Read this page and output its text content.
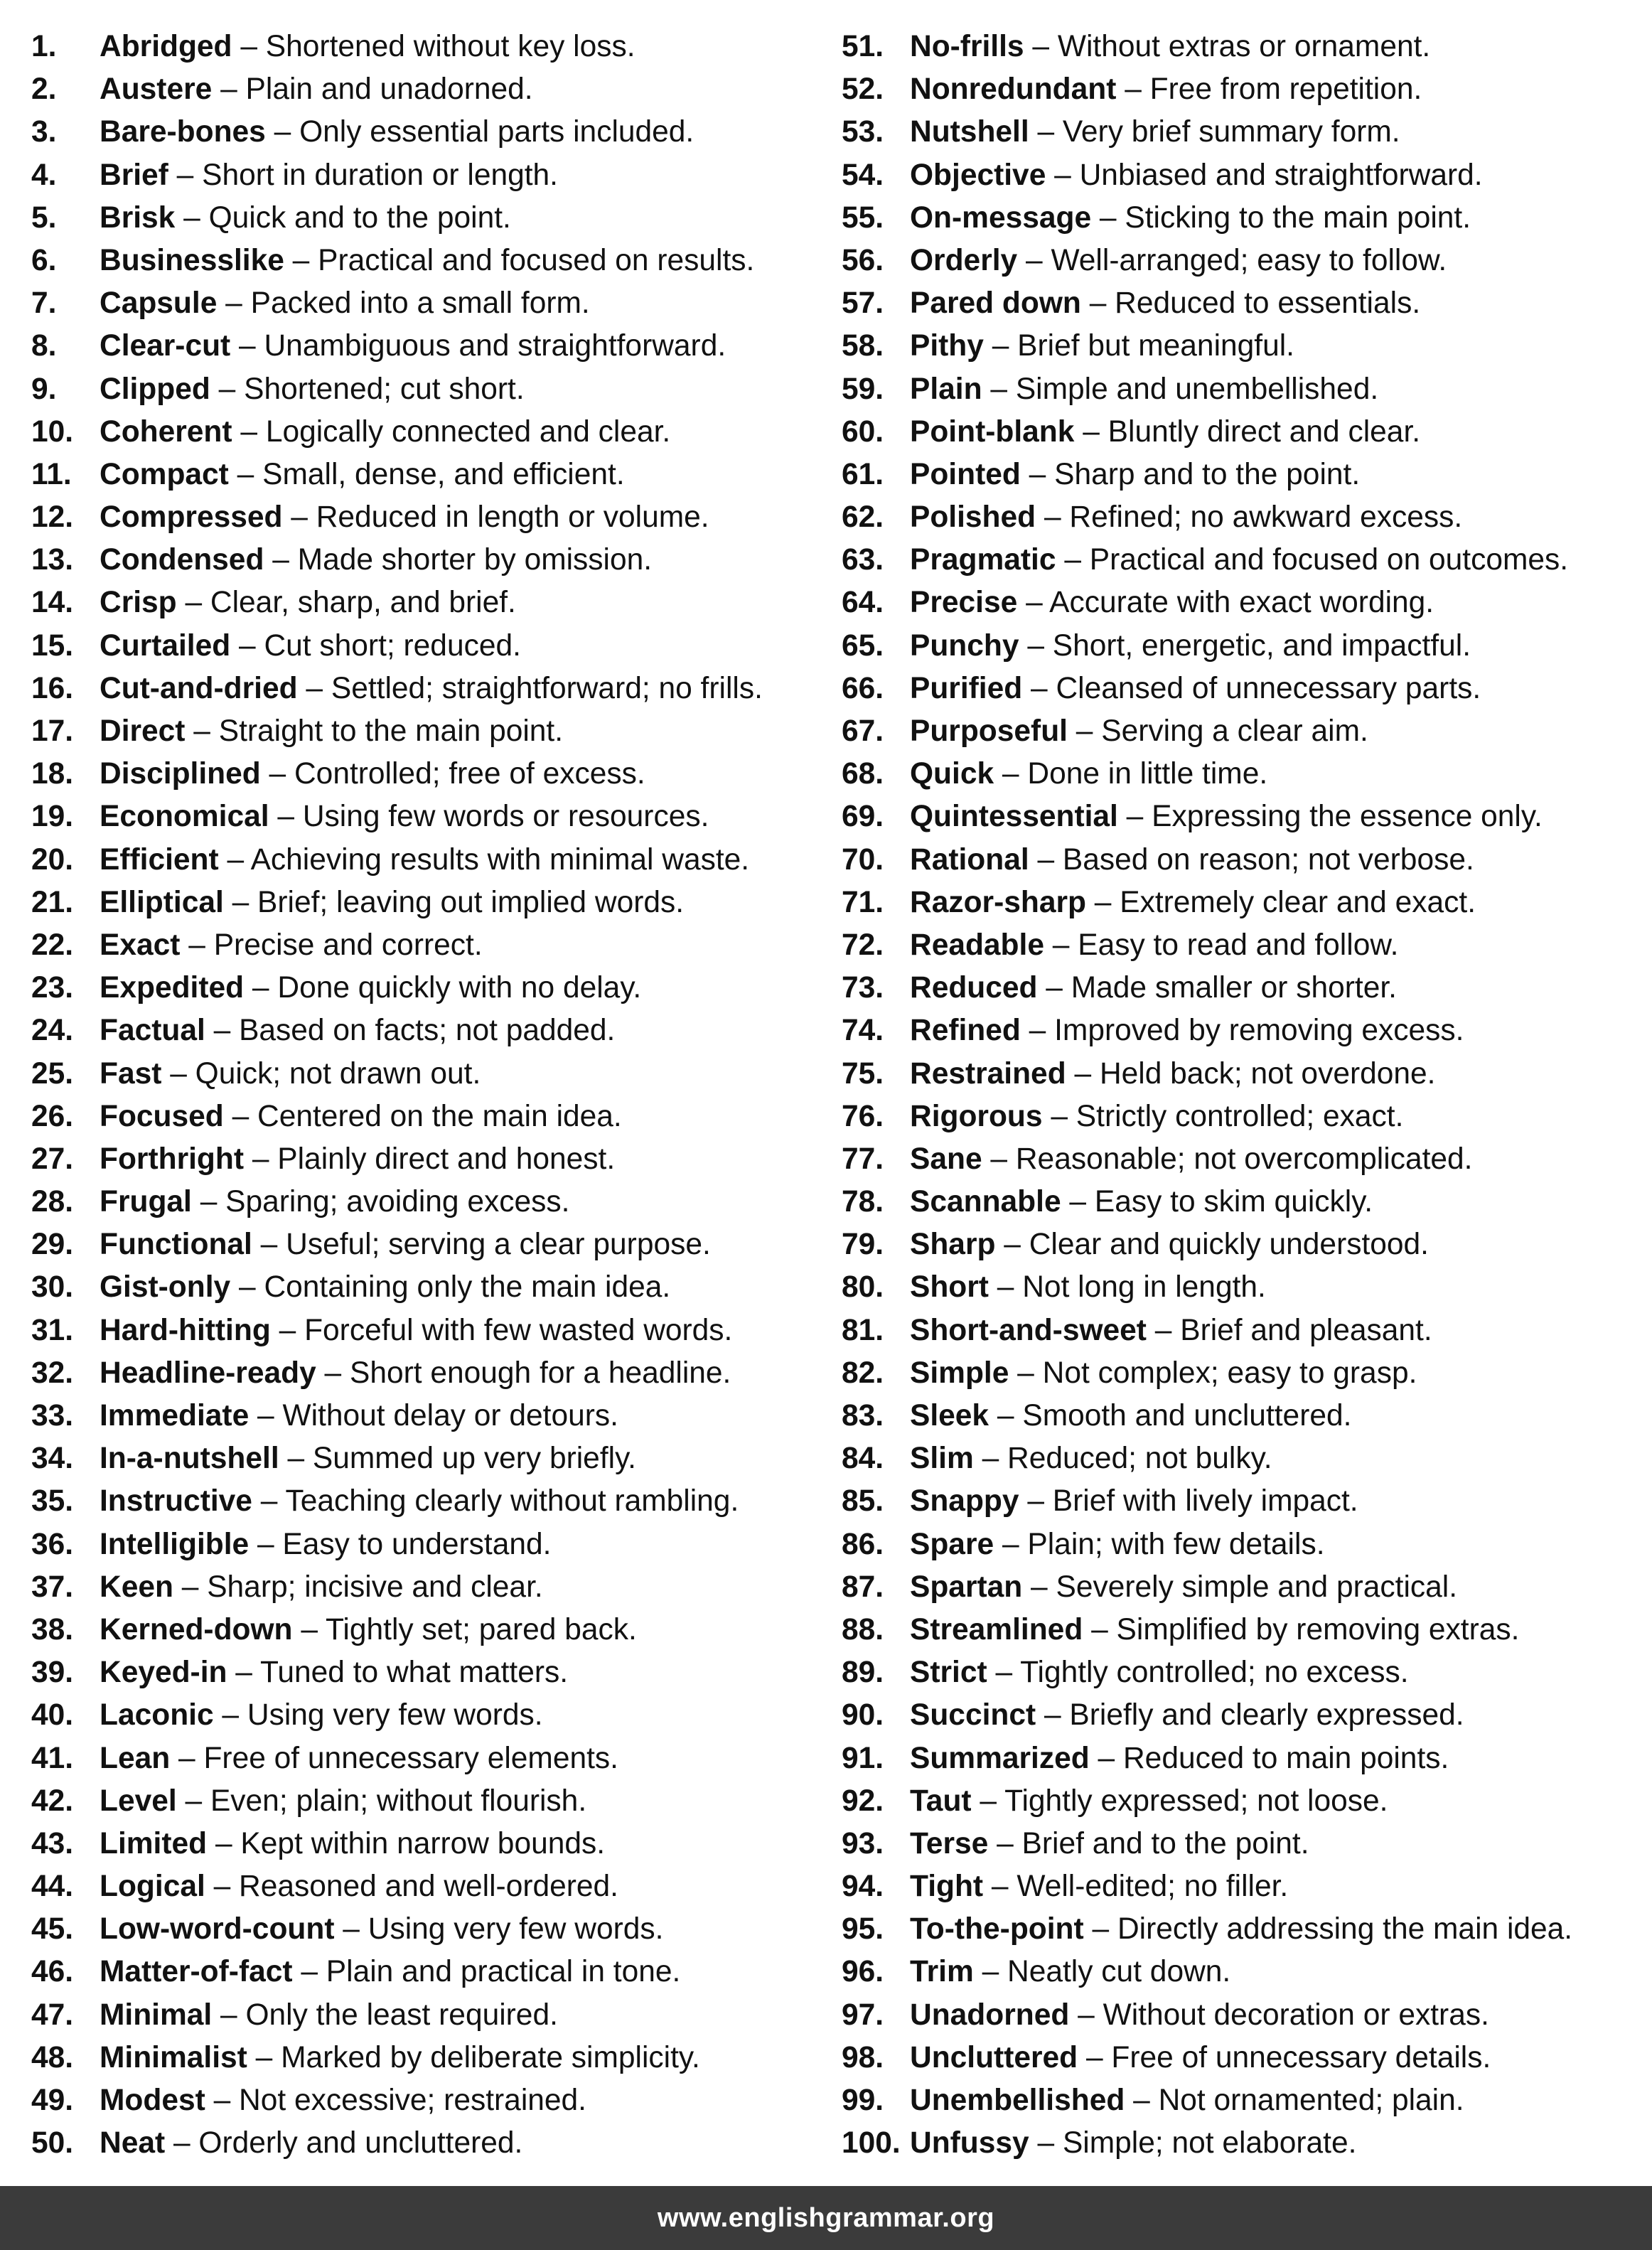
1. Abridged – Shortened without key loss.
2. Austere – Plain and unadorned.
3. Bare-bones – Only essential parts included.
4. Brief – Short in duration or length.
5. Brisk – Quick and to the point.
6. Businesslike – Practical and focused on results.
7. Capsule – Packed into a small form.
8. Clear-cut – Unambiguous and straightforward.
9. Clipped – Shortened; cut short.
10. Coherent – Logically connected and clear.
11. Compact – Small, dense, and efficient.
12. Compressed – Reduced in length or volume.
13. Condensed – Made shorter by omission.
14. Crisp – Clear, sharp, and brief.
15. Curtailed – Cut short; reduced.
16. Cut-and-dried – Settled; straightforward; no frills.
17. Direct – Straight to the main point.
18. Disciplined – Controlled; free of excess.
19. Economical – Using few words or resources.
20. Efficient – Achieving results with minimal waste.
21. Elliptical – Brief; leaving out implied words.
22. Exact – Precise and correct.
23. Expedited – Done quickly with no delay.
24. Factual – Based on facts; not padded.
25. Fast – Quick; not drawn out.
26. Focused – Centered on the main idea.
27. Forthright – Plainly direct and honest.
28. Frugal – Sparing; avoiding excess.
29. Functional – Useful; serving a clear purpose.
30. Gist-only – Containing only the main idea.
31. Hard-hitting – Forceful with few wasted words.
32. Headline-ready – Short enough for a headline.
33. Immediate – Without delay or detours.
34. In-a-nutshell – Summed up very briefly.
35. Instructive – Teaching clearly without rambling.
36. Intelligible – Easy to understand.
37. Keen – Sharp; incisive and clear.
38. Kerned-down – Tightly set; pared back.
39. Keyed-in – Tuned to what matters.
40. Laconic – Using very few words.
41. Lean – Free of unnecessary elements.
42. Level – Even; plain; without flourish.
43. Limited – Kept within narrow bounds.
44. Logical – Reasoned and well-ordered.
45. Low-word-count – Using very few words.
46. Matter-of-fact – Plain and practical in tone.
47. Minimal – Only the least required.
48. Minimalist – Marked by deliberate simplicity.
49. Modest – Not excessive; restrained.
50. Neat – Orderly and uncluttered.
51. No-frills – Without extras or ornament.
52. Nonredundant – Free from repetition.
53. Nutshell – Very brief summary form.
54. Objective – Unbiased and straightforward.
55. On-message – Sticking to the main point.
56. Orderly – Well-arranged; easy to follow.
57. Pared down – Reduced to essentials.
58. Pithy – Brief but meaningful.
59. Plain – Simple and unembellished.
60. Point-blank – Bluntly direct and clear.
61. Pointed – Sharp and to the point.
62. Polished – Refined; no awkward excess.
63. Pragmatic – Practical and focused on outcomes.
64. Precise – Accurate with exact wording.
65. Punchy – Short, energetic, and impactful.
66. Purified – Cleansed of unnecessary parts.
67. Purposeful – Serving a clear aim.
68. Quick – Done in little time.
69. Quintessential – Expressing the essence only.
70. Rational – Based on reason; not verbose.
71. Razor-sharp – Extremely clear and exact.
72. Readable – Easy to read and follow.
73. Reduced – Made smaller or shorter.
74. Refined – Improved by removing excess.
75. Restrained – Held back; not overdone.
76. Rigorous – Strictly controlled; exact.
77. Sane – Reasonable; not overcomplicated.
78. Scannable – Easy to skim quickly.
79. Sharp – Clear and quickly understood.
80. Short – Not long in length.
81. Short-and-sweet – Brief and pleasant.
82. Simple – Not complex; easy to grasp.
83. Sleek – Smooth and uncluttered.
84. Slim – Reduced; not bulky.
85. Snappy – Brief with lively impact.
86. Spare – Plain; with few details.
87. Spartan – Severely simple and practical.
88. Streamlined – Simplified by removing extras.
89. Strict – Tightly controlled; no excess.
90. Succinct – Briefly and clearly expressed.
91. Summarized – Reduced to main points.
92. Taut – Tightly expressed; not loose.
93. Terse – Brief and to the point.
94. Tight – Well-edited; no filler.
95. To-the-point – Directly addressing the main idea.
96. Trim – Neatly cut down.
97. Unadorned – Without decoration or extras.
98. Uncluttered – Free of unnecessary details.
99. Unembellished – Not ornamented; plain.
100. Unfussy – Simple; not elaborate.
www.englishgrammar.org
